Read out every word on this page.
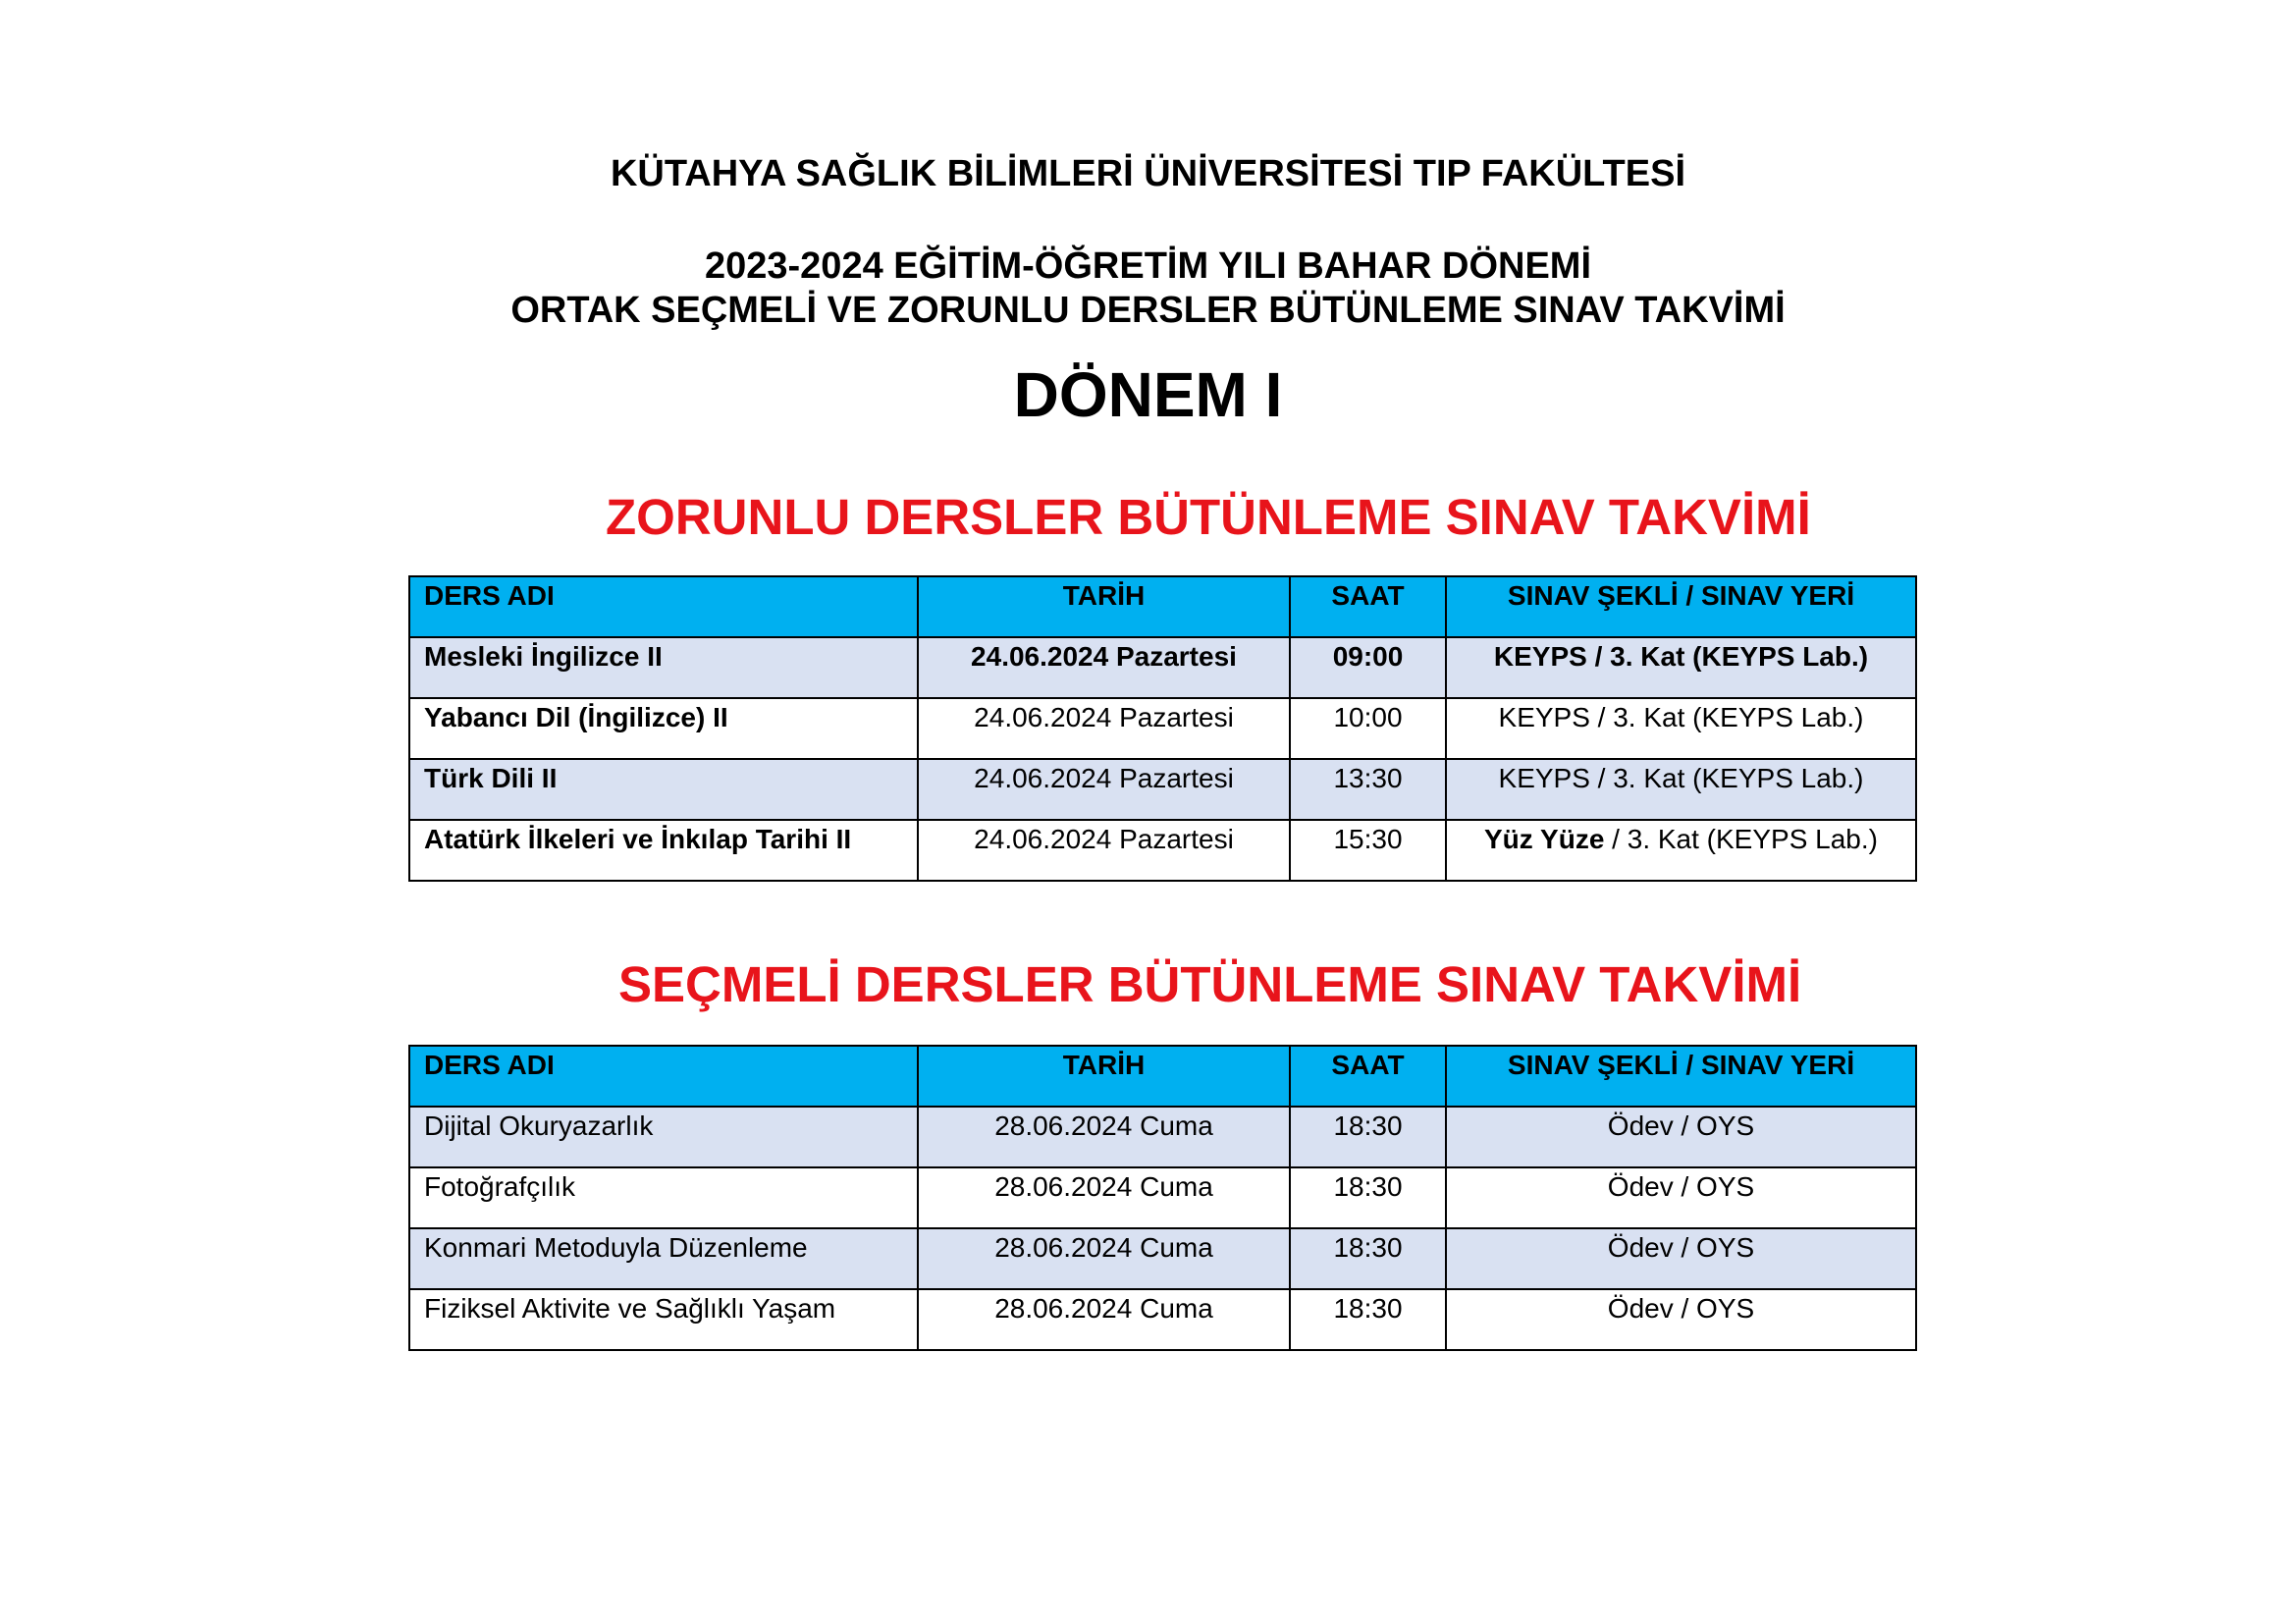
KÜTAHYA SAĞLIK BİLİMLERİ ÜNİVERSİTESİ TIP FAKÜLTESİ
2023-2024 EĞİTİM-ÖĞRETİM YILI BAHAR DÖNEMİ
ORTAK SEÇMELİ VE ZORUNLU DERSLER BÜTÜNLEME SINAV TAKVİMİ
DÖNEM I
ZORUNLU DERSLER BÜTÜNLEME SINAV TAKVİMİ
DERS ADI	TARİH	SAAT	SINAV ŞEKLİ / SINAV YERİ
Mesleki İngilizce II	24.06.2024 Pazartesi	09:00	KEYPS / 3. Kat (KEYPS Lab.)
Yabancı Dil (İngilizce) II	24.06.2024 Pazartesi	10:00	KEYPS / 3. Kat (KEYPS Lab.)
Türk Dili II	24.06.2024 Pazartesi	13:30	KEYPS / 3. Kat (KEYPS Lab.)
Atatürk İlkeleri ve İnkılap Tarihi II	24.06.2024 Pazartesi	15:30	Yüz Yüze / 3. Kat (KEYPS Lab.)
SEÇMELİ DERSLER BÜTÜNLEME SINAV TAKVİMİ
DERS ADI	TARİH	SAAT	SINAV ŞEKLİ / SINAV YERİ
Dijital Okuryazarlık	28.06.2024 Cuma	18:30	Ödev / OYS
Fotoğrafçılık	28.06.2024 Cuma	18:30	Ödev / OYS
Konmari Metoduyla Düzenleme	28.06.2024 Cuma	18:30	Ödev / OYS
Fiziksel Aktivite ve Sağlıklı Yaşam	28.06.2024 Cuma	18:30	Ödev / OYS
